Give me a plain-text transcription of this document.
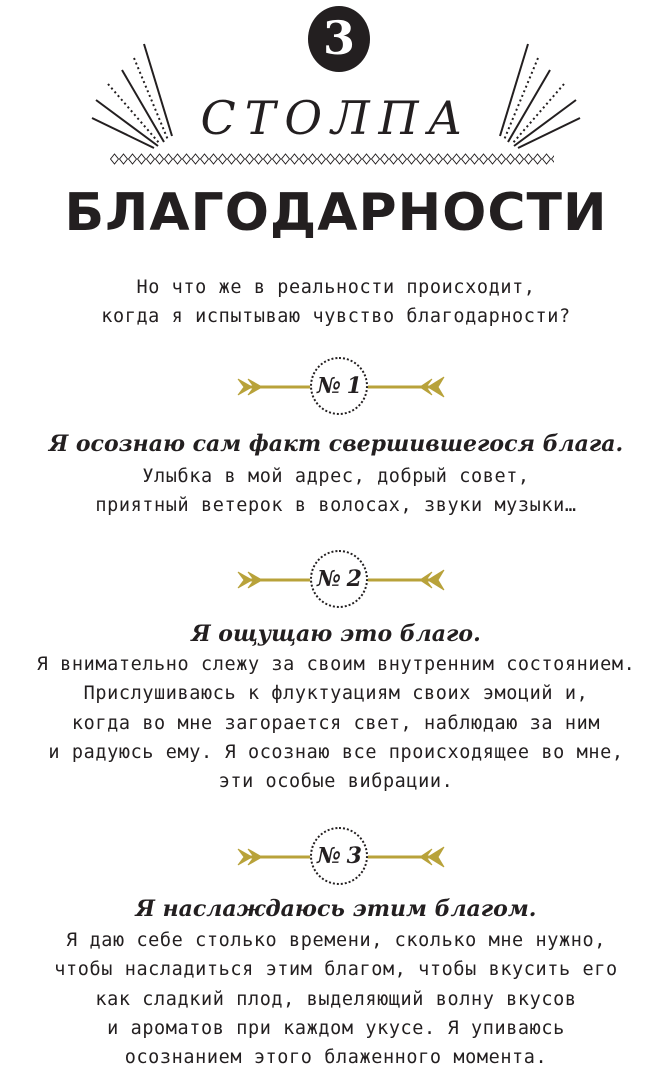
3
СТОЛПА
БЛАГОДАРНОСТИ
Но что же в реальности происходит,
когда я испытываю чувство благодарности?
№ 1
Я осознаю сам факт свершившегося блага.
Улыбка в мой адрес, добрый совет,
приятный ветерок в волосах, звуки музыки…
№ 2
Я ощущаю это благо.
Я внимательно слежу за своим внутренним состоянием.
Прислушиваюсь к флуктуациям своих эмоций и,
когда во мне загорается свет, наблюдаю за ним
и радуюсь ему. Я осознаю все происходящее во мне,
эти особые вибрации.
№ 3
Я наслаждаюсь этим благом.
Я даю себе столько времени, сколько мне нужно,
чтобы насладиться этим благом, чтобы вкусить его
как сладкий плод, выделяющий волну вкусов
и ароматов при каждом укусе. Я упиваюсь
осознанием этого блаженного момента.
